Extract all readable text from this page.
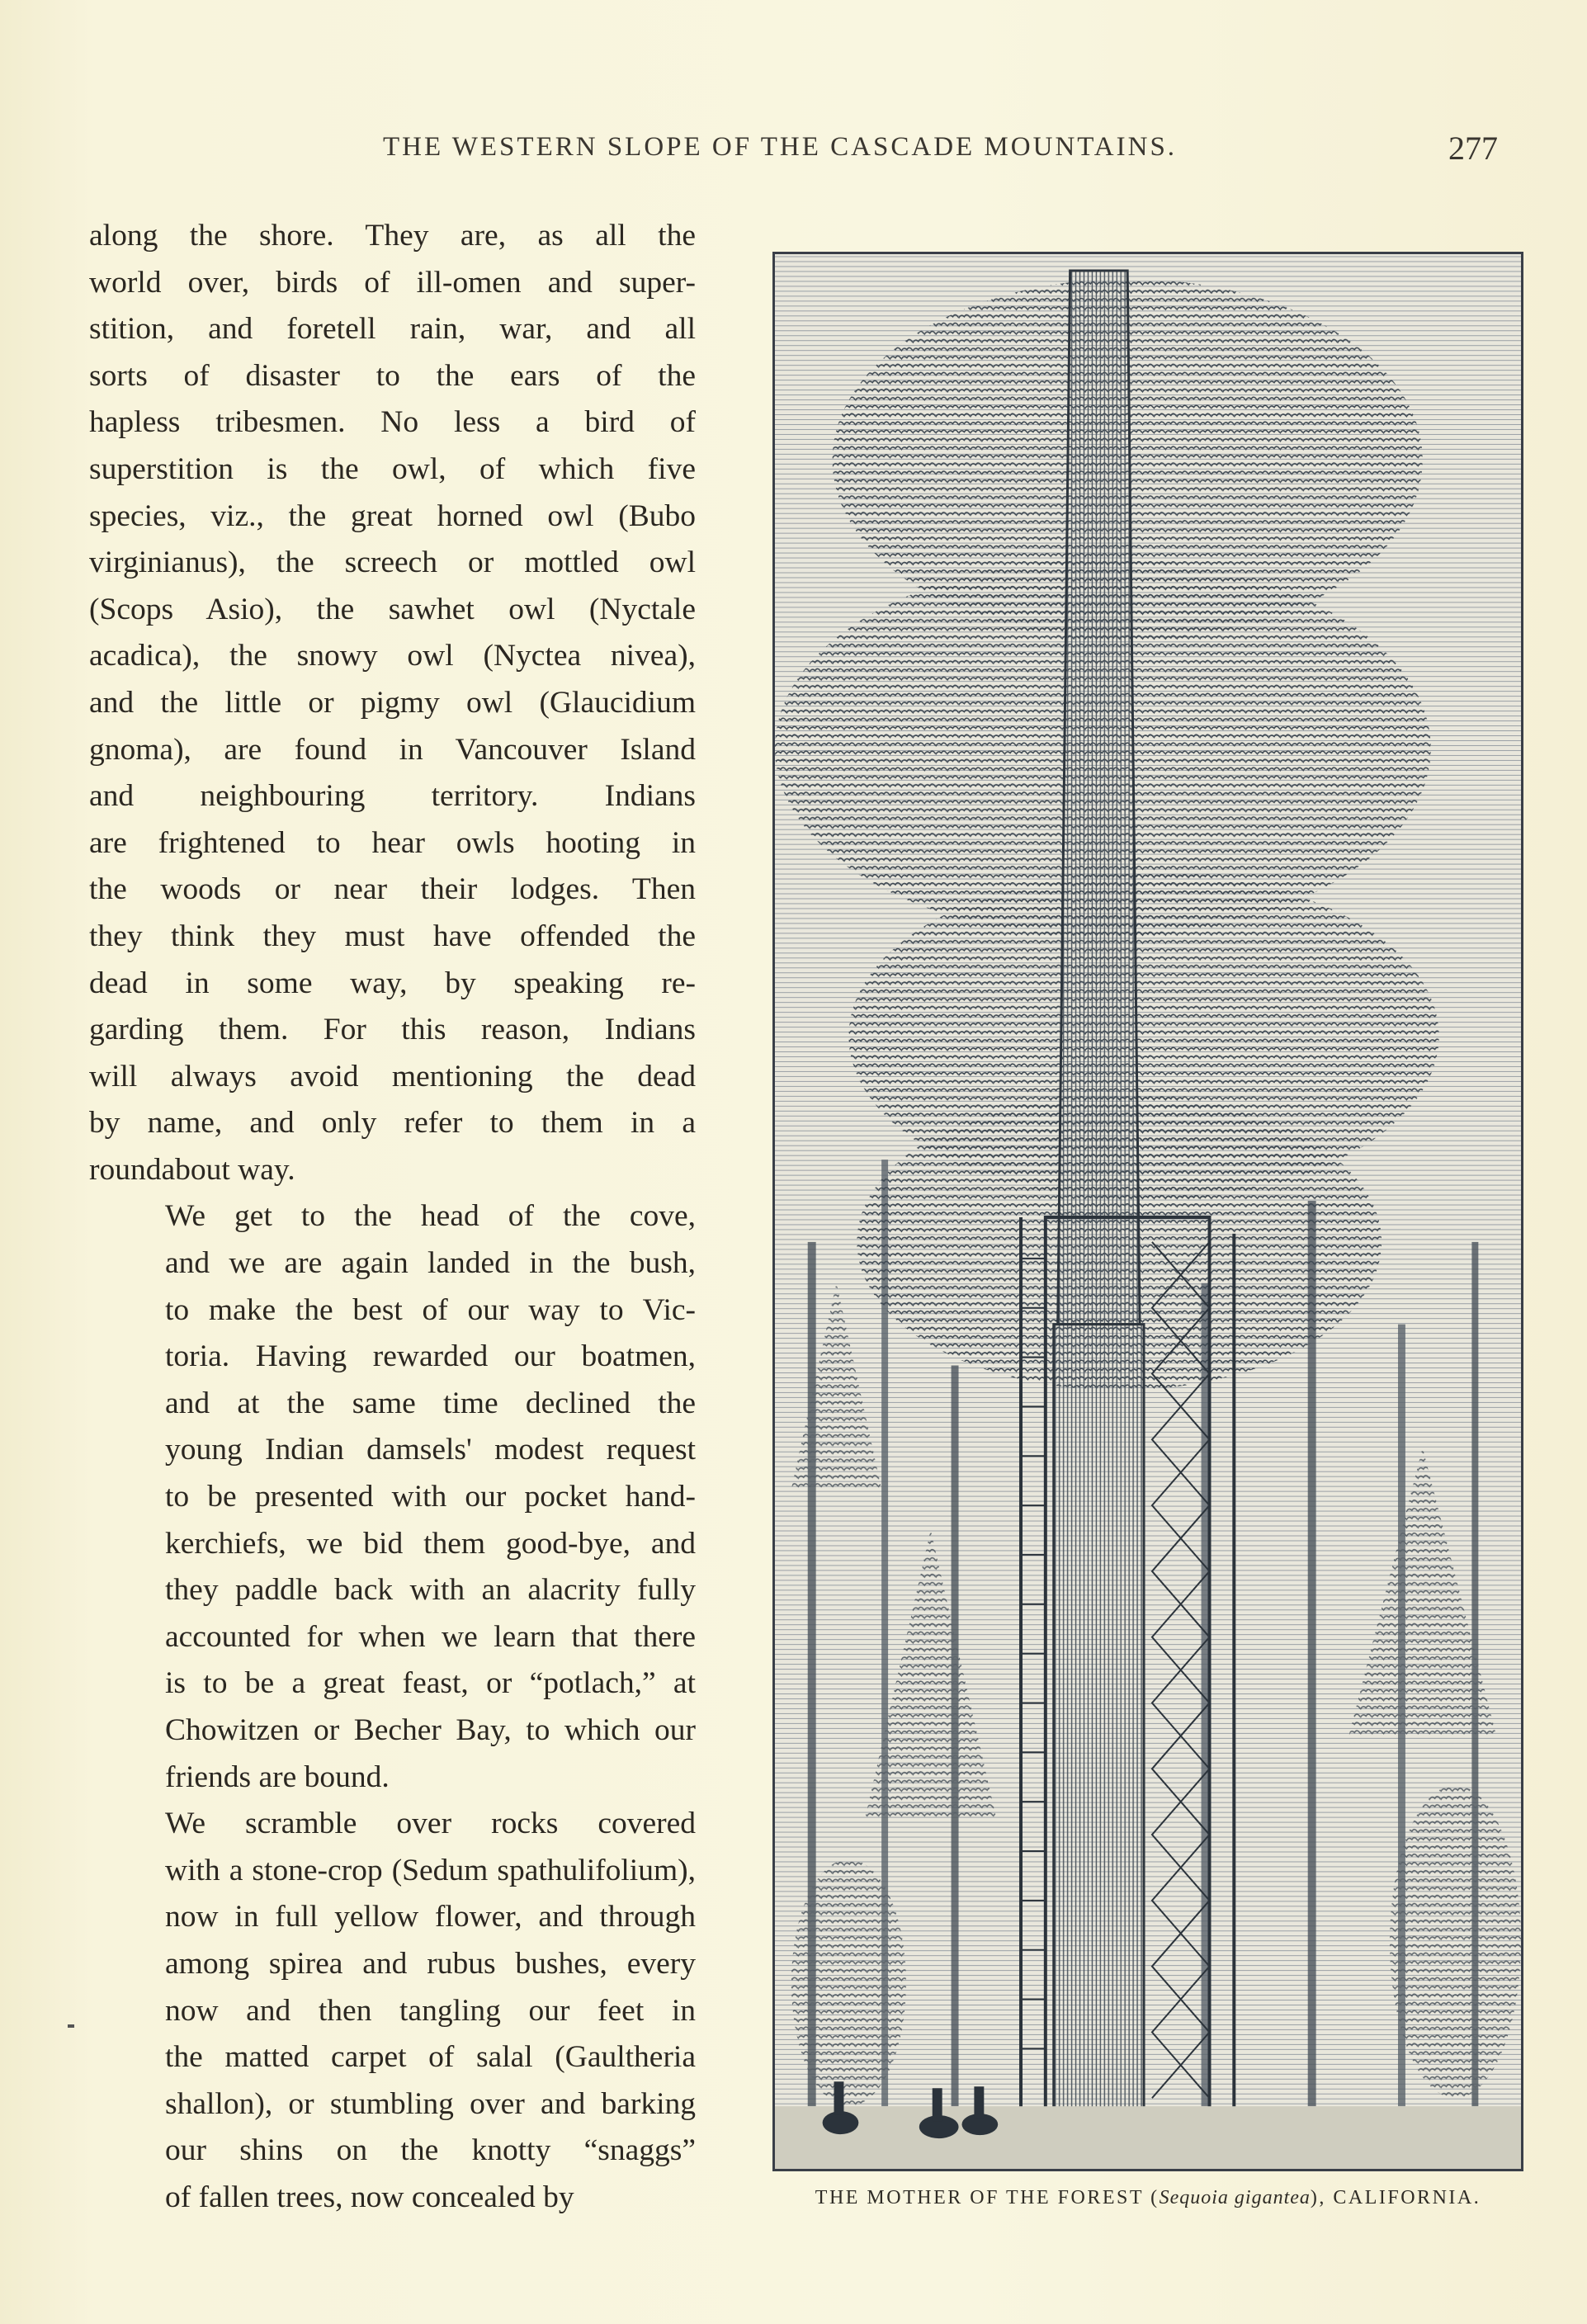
THE WESTERN SLOPE OF THE CASCADE MOUNTAINS.	277

along the shore. They are, as all the
world over, birds of ill-omen and super-
stition, and foretell rain, war, and all
sorts of disaster to the ears of the
hapless tribesmen. No less a bird of
superstition is the owl, of which five
species, viz., the great horned owl (Bubo
virginianus), the screech or mottled owl
(Scops Asio), the sawhet owl (Nyctale
acadica), the snowy owl (Nyctea nivea),
and the little or pigmy owl (Glaucidium
gnoma), are found in Vancouver Island
and neighbouring territory. Indians
are frightened to hear owls hooting in
the woods or near their lodges. Then
they think they must have offended the
dead in some way, by speaking re-
garding them. For this reason, Indians
will always avoid mentioning the dead
by name, and only refer to them in a
roundabout way.

We get to the head of the cove,
and we are again landed in the bush,
to make the best of our way to Vic-
toria. Having rewarded our boatmen,
and at the same time declined the
young Indian damsels' modest request
to be presented with our pocket hand-
kerchiefs, we bid them good-bye, and
they paddle back with an alacrity fully
accounted for when we learn that there
is to be a great feast, or “potlach,” at
Chowitzen or Becher Bay, to which our
friends are bound.

We scramble over rocks covered
with a stone-crop (Sedum spathulifolium),
now in full yellow flower, and through
among spirea and rubus bushes, every
now and then tangling our feet in
the matted carpet of salal (Gaultheria
shallon), or stumbling over and barking
our shins on the knotty “snaggs”
of fallen trees, now concealed by	THE MOTHER OF THE FOREST (Sequoia gigantea), CALIFORNIA.
